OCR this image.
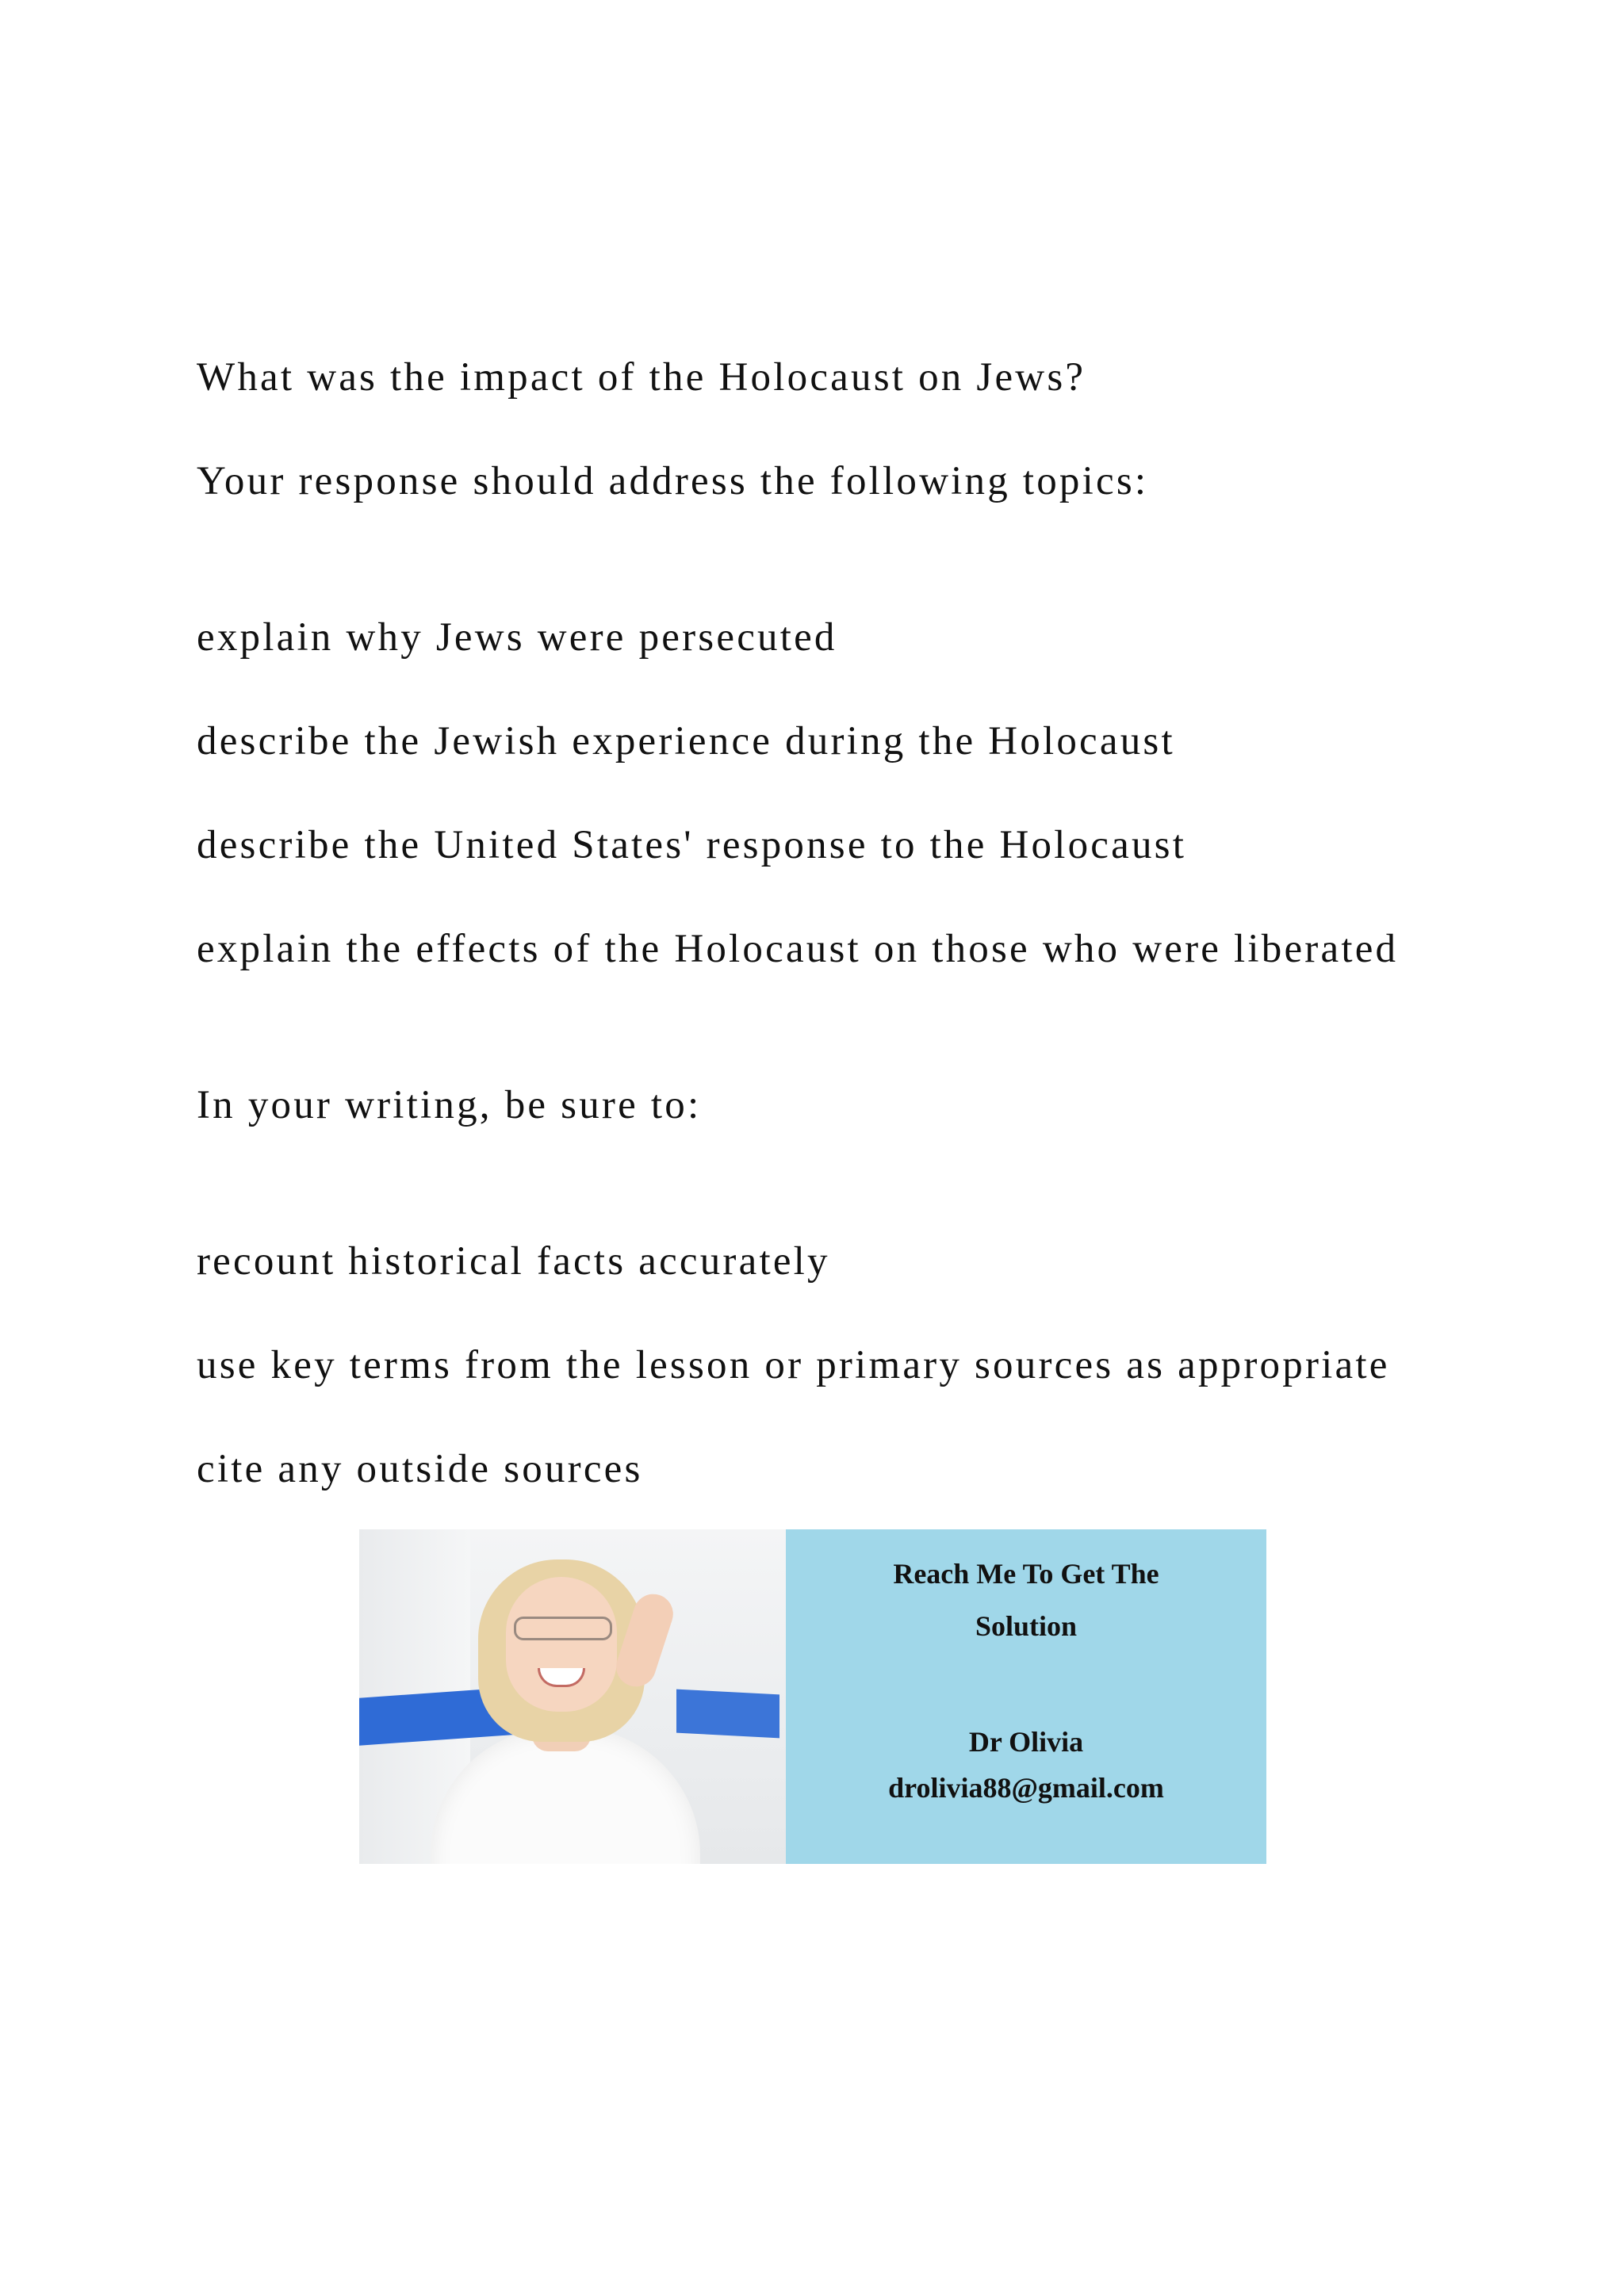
What was the impact of the Holocaust on Jews?

Your response should address the following topics:

explain why Jews were persecuted

describe the Jewish experience during the Holocaust

describe the United States' response to the Holocaust

explain the effects of the Holocaust on those who were liberated

In your writing, be sure to:

recount historical facts accurately

use key terms from the lesson or primary sources as appropriate

cite any outside sources

Reach Me To Get The
Solution
Dr Olivia
drolivia88@gmail.com
